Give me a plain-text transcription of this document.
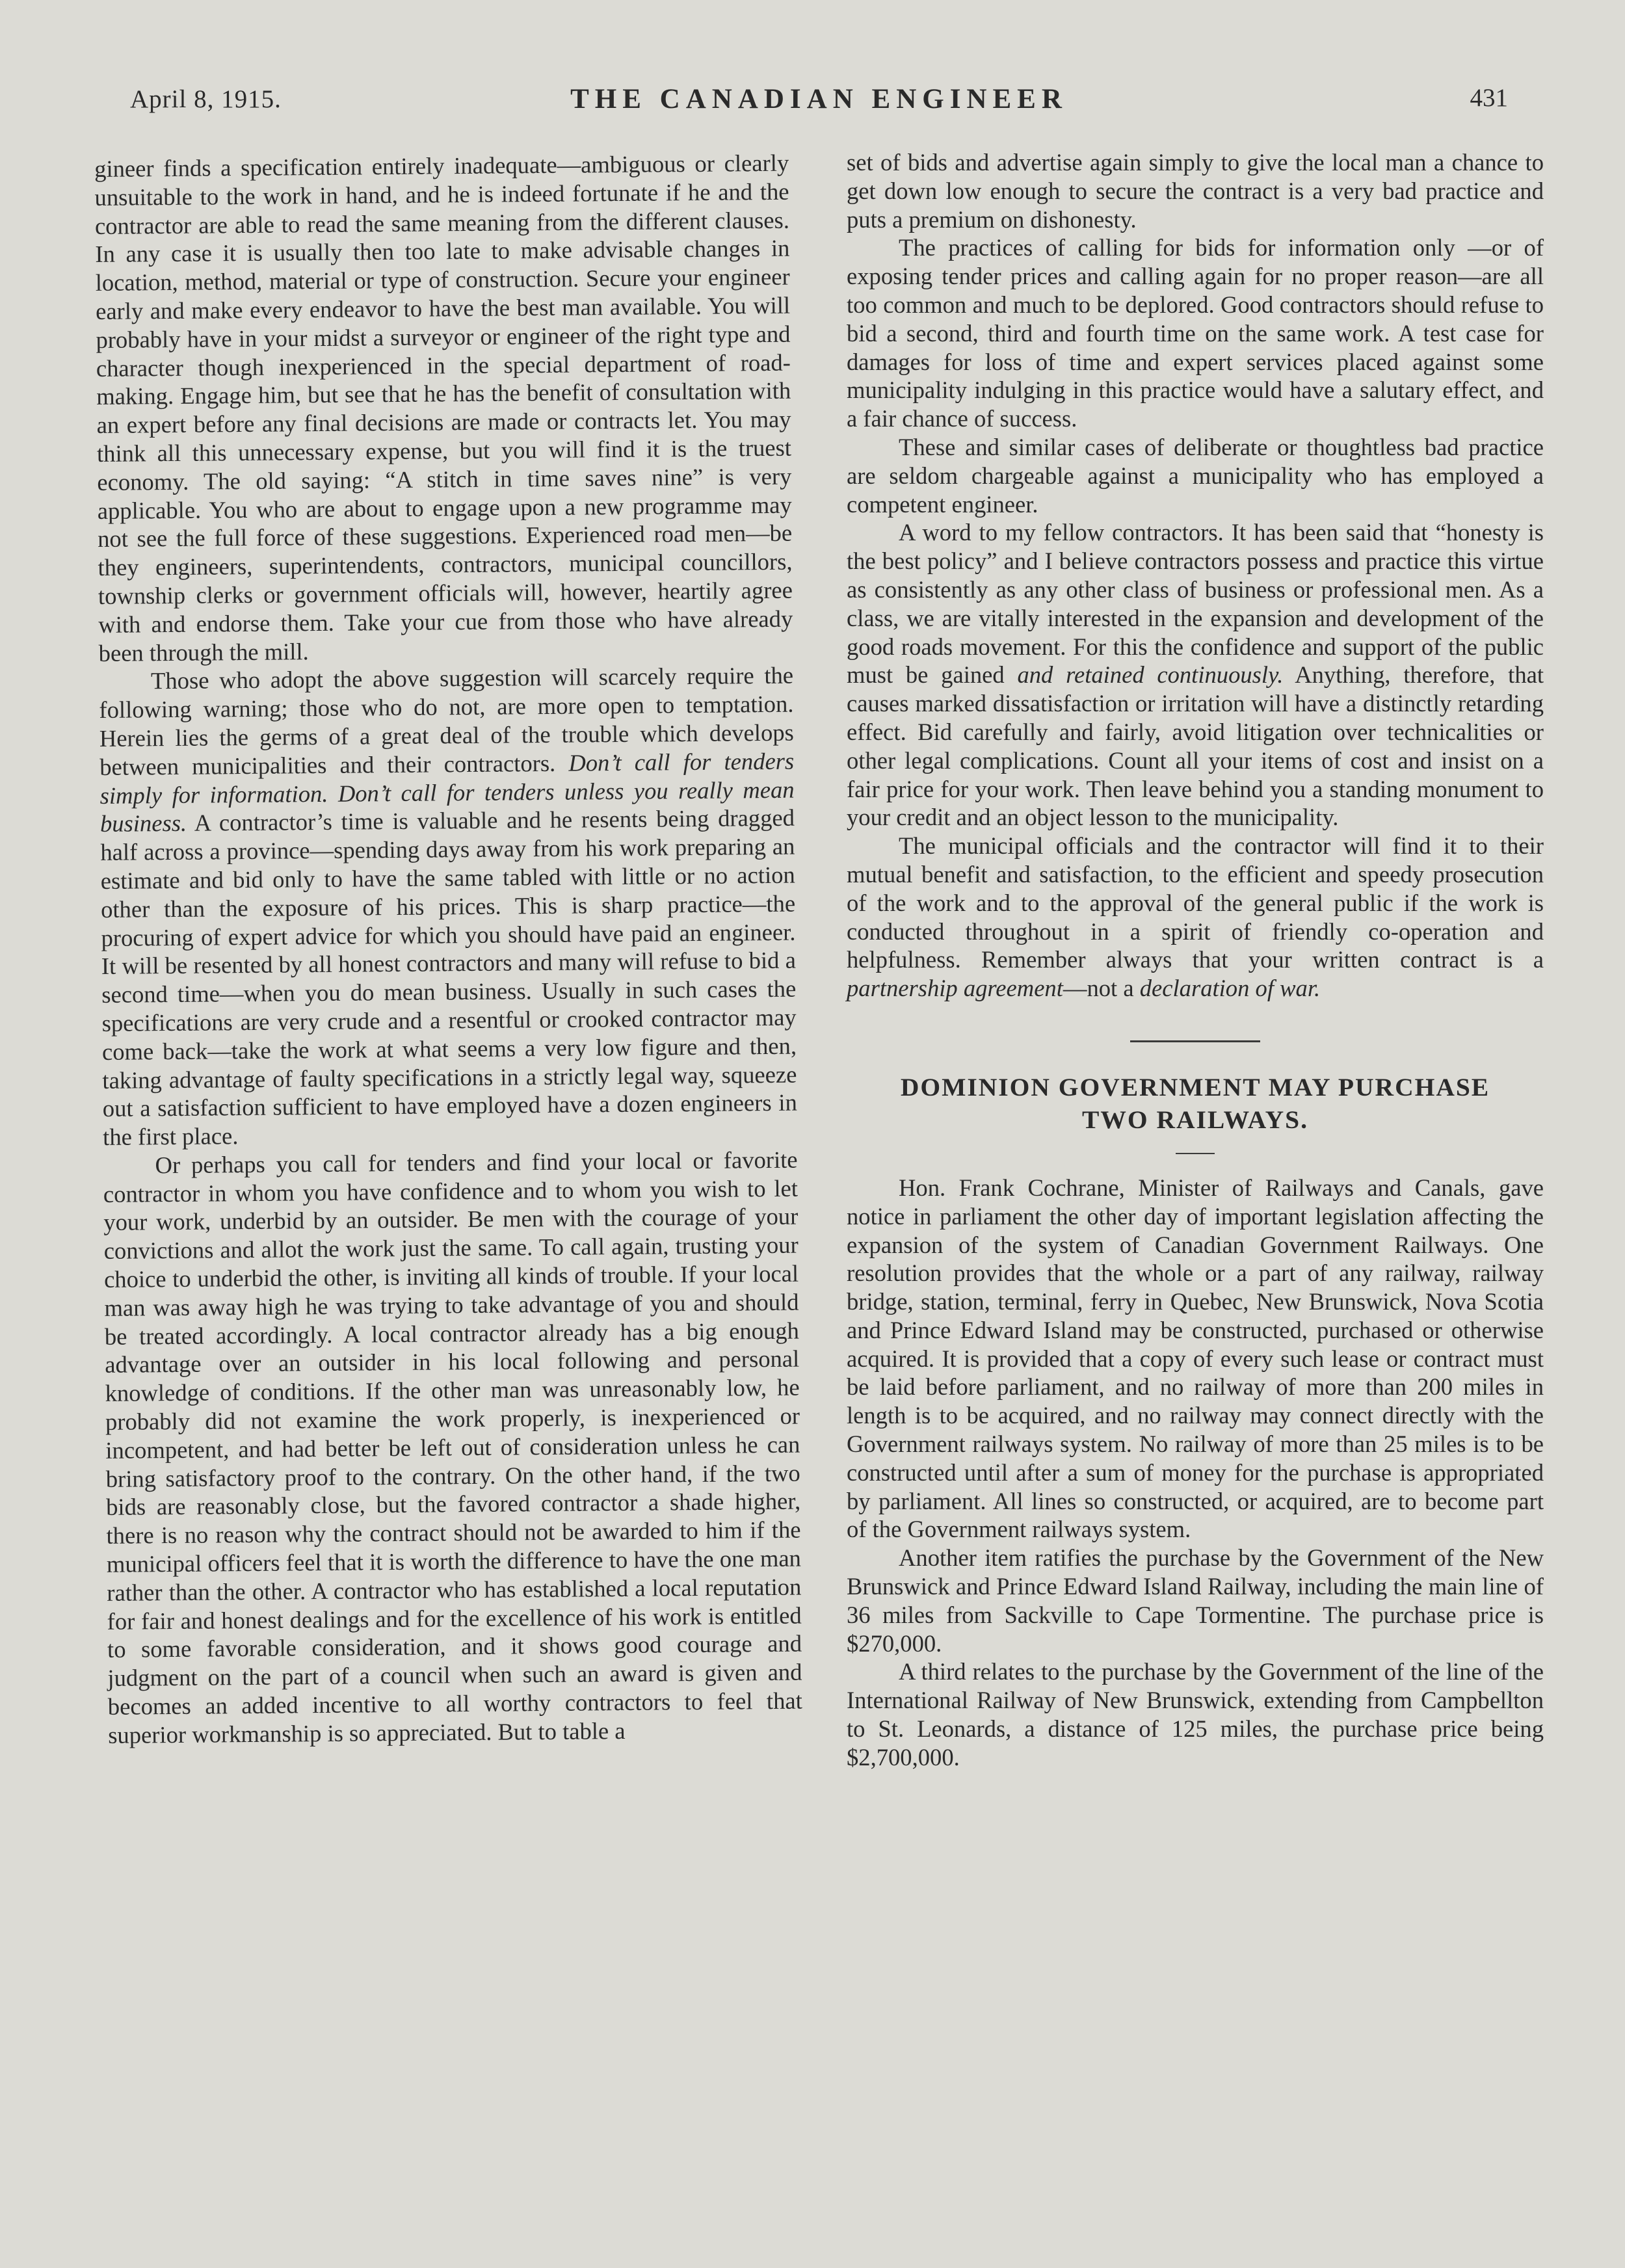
April 8, 1915.	THE CANADIAN ENGINEER	431

gineer finds a specification entirely inadequate—ambiguous or clearly unsuitable to the work in hand, and he is indeed fortunate if he and the contractor are able to read the same meaning from the different clauses. In any case it is usually then too late to make advisable changes in location, method, material or type of construction. Secure your engineer early and make every endeavor to have the best man available. You will probably have in your midst a surveyor or engineer of the right type and character though inexperienced in the special department of road-making. Engage him, but see that he has the benefit of consultation with an expert before any final decisions are made or contracts let. You may think all this unnecessary expense, but you will find it is the truest economy. The old saying: “A stitch in time saves nine” is very applicable. You who are about to engage upon a new programme may not see the full force of these suggestions. Experienced road men—be they engineers, superintendents, contractors, municipal councillors, township clerks or government officials will, however, heartily agree with and endorse them. Take your cue from those who have already been through the mill.

Those who adopt the above suggestion will scarcely require the following warning; those who do not, are more open to temptation. Herein lies the germs of a great deal of the trouble which develops between municipalities and their contractors. Don’t call for tenders simply for information. Don’t call for tenders unless you really mean business. A contractor’s time is valuable and he resents being dragged half across a province—spending days away from his work preparing an estimate and bid only to have the same tabled with little or no action other than the exposure of his prices. This is sharp practice—the procuring of expert advice for which you should have paid an engineer. It will be resented by all honest contractors and many will refuse to bid a second time—when you do mean business. Usually in such cases the specifications are very crude and a resentful or crooked contractor may come back—take the work at what seems a very low figure and then, taking advantage of faulty specifications in a strictly legal way, squeeze out a satisfaction sufficient to have employed have a dozen engineers in the first place.

Or perhaps you call for tenders and find your local or favorite contractor in whom you have confidence and to whom you wish to let your work, underbid by an outsider. Be men with the courage of your convictions and allot the work just the same. To call again, trusting your choice to underbid the other, is inviting all kinds of trouble. If your local man was away high he was trying to take advantage of you and should be treated accordingly. A local contractor already has a big enough advantage over an outsider in his local following and personal knowledge of conditions. If the other man was unreasonably low, he probably did not examine the work properly, is inexperienced or incompetent, and had better be left out of consideration unless he can bring satisfactory proof to the contrary. On the other hand, if the two bids are reasonably close, but the favored contractor a shade higher, there is no reason why the contract should not be awarded to him if the municipal officers feel that it is worth the difference to have the one man rather than the other. A contractor who has established a local reputation for fair and honest dealings and for the excellence of his work is entitled to some favorable consideration, and it shows good courage and judgment on the part of a council when such an award is given and becomes an added incentive to all worthy contractors to feel that superior workmanship is so appreciated. But to table a

set of bids and advertise again simply to give the local man a chance to get down low enough to secure the contract is a very bad practice and puts a premium on dishonesty.

The practices of calling for bids for information only —or of exposing tender prices and calling again for no proper reason—are all too common and much to be deplored. Good contractors should refuse to bid a second, third and fourth time on the same work. A test case for damages for loss of time and expert services placed against some municipality indulging in this practice would have a salutary effect, and a fair chance of success.

These and similar cases of deliberate or thoughtless bad practice are seldom chargeable against a municipality who has employed a competent engineer.

A word to my fellow contractors. It has been said that “honesty is the best policy” and I believe contractors possess and practice this virtue as consistently as any other class of business or professional men. As a class, we are vitally interested in the expansion and development of the good roads movement. For this the confidence and support of the public must be gained and retained continuously. Anything, therefore, that causes marked dissatisfaction or irritation will have a distinctly retarding effect. Bid carefully and fairly, avoid litigation over technicalities or other legal complications. Count all your items of cost and insist on a fair price for your work. Then leave behind you a standing monument to your credit and an object lesson to the municipality.

The municipal officials and the contractor will find it to their mutual benefit and satisfaction, to the efficient and speedy prosecution of the work and to the approval of the general public if the work is conducted throughout in a spirit of friendly co-operation and helpfulness. Remember always that your written contract is a partnership agreement—not a declaration of war.

DOMINION GOVERNMENT MAY PURCHASE
TWO RAILWAYS.

Hon. Frank Cochrane, Minister of Railways and Canals, gave notice in parliament the other day of important legislation affecting the expansion of the system of Canadian Government Railways. One resolution provides that the whole or a part of any railway, railway bridge, station, terminal, ferry in Quebec, New Brunswick, Nova Scotia and Prince Edward Island may be constructed, purchased or otherwise acquired. It is provided that a copy of every such lease or contract must be laid before parliament, and no railway of more than 200 miles in length is to be acquired, and no railway may connect directly with the Government railways system. No railway of more than 25 miles is to be constructed until after a sum of money for the purchase is appropriated by parliament. All lines so constructed, or acquired, are to become part of the Government railways system.

Another item ratifies the purchase by the Government of the New Brunswick and Prince Edward Island Railway, including the main line of 36 miles from Sackville to Cape Tormentine. The purchase price is $270,000.

A third relates to the purchase by the Government of the line of the International Railway of New Brunswick, extending from Campbellton to St. Leonards, a distance of 125 miles, the purchase price being $2,700,000.
